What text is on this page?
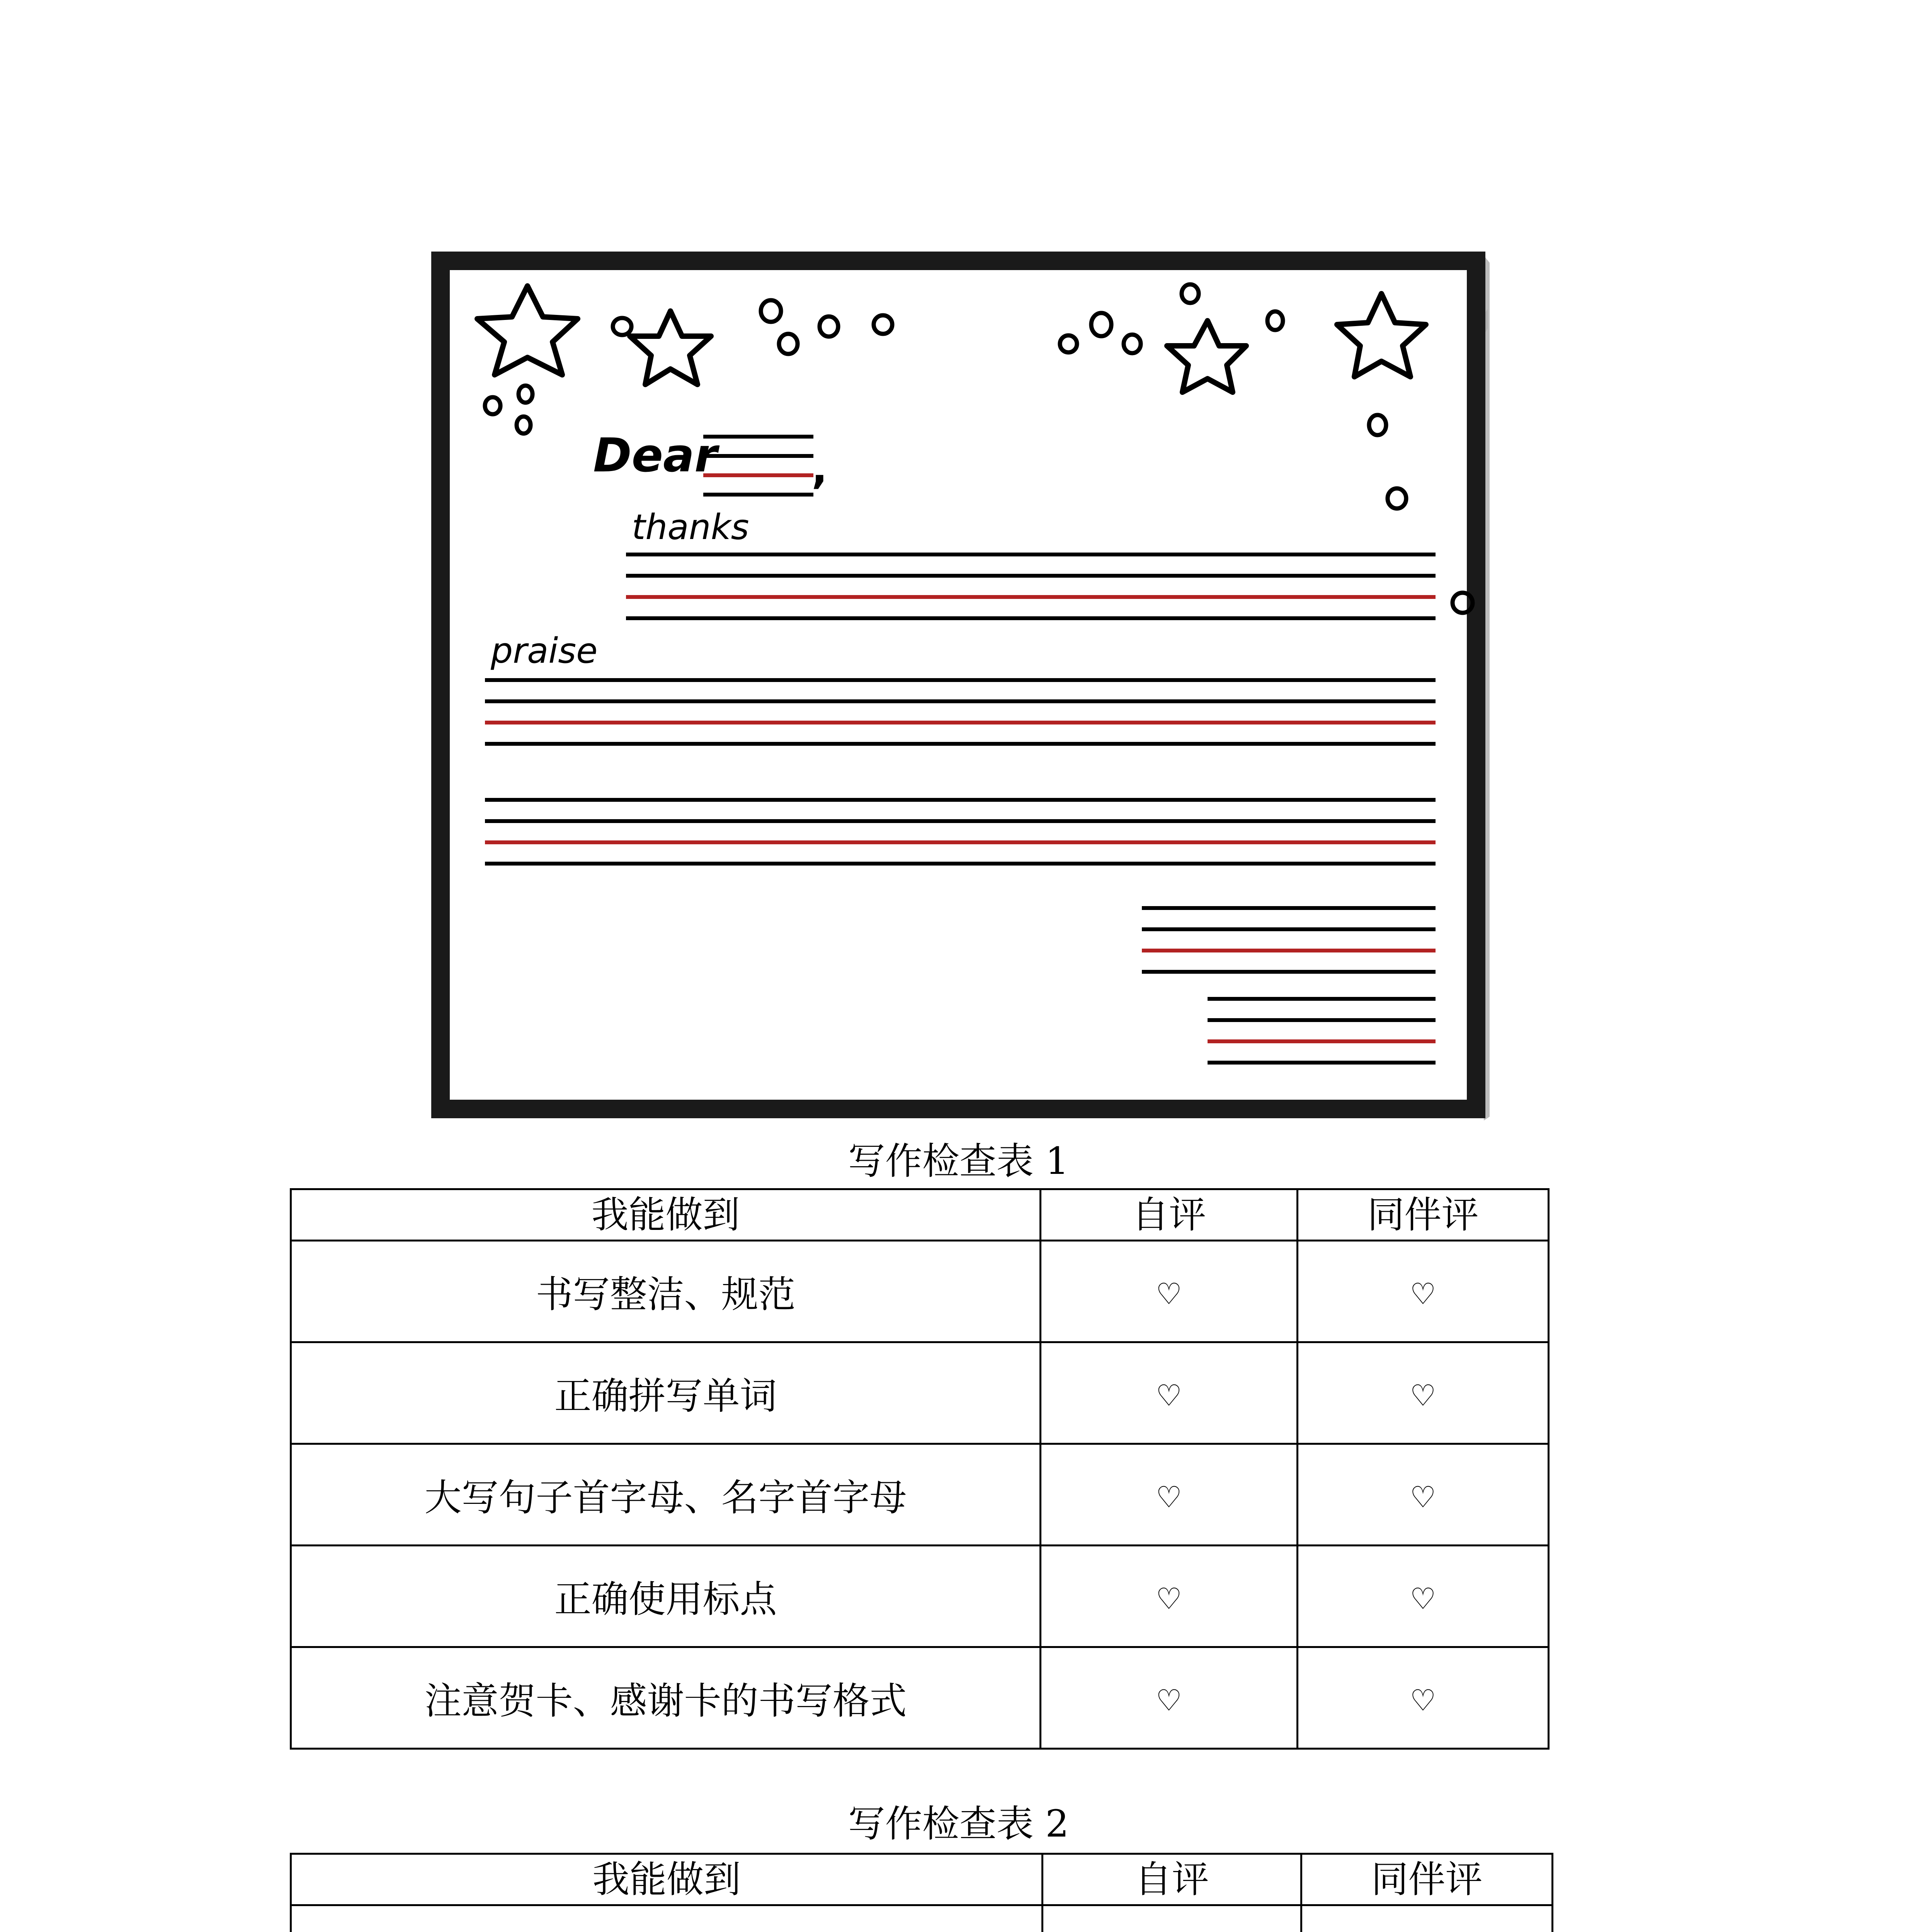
Dear ,
thanks
praise
写作检查表 1
我能做到	自评	同伴评
书写整洁、规范	♡	♡
正确拼写单词	♡	♡
大写句子首字母、名字首字母	♡	♡
正确使用标点	♡	♡
注意贺卡、感谢卡的书写格式	♡	♡
写作检查表 2
我能做到	自评	同伴评
